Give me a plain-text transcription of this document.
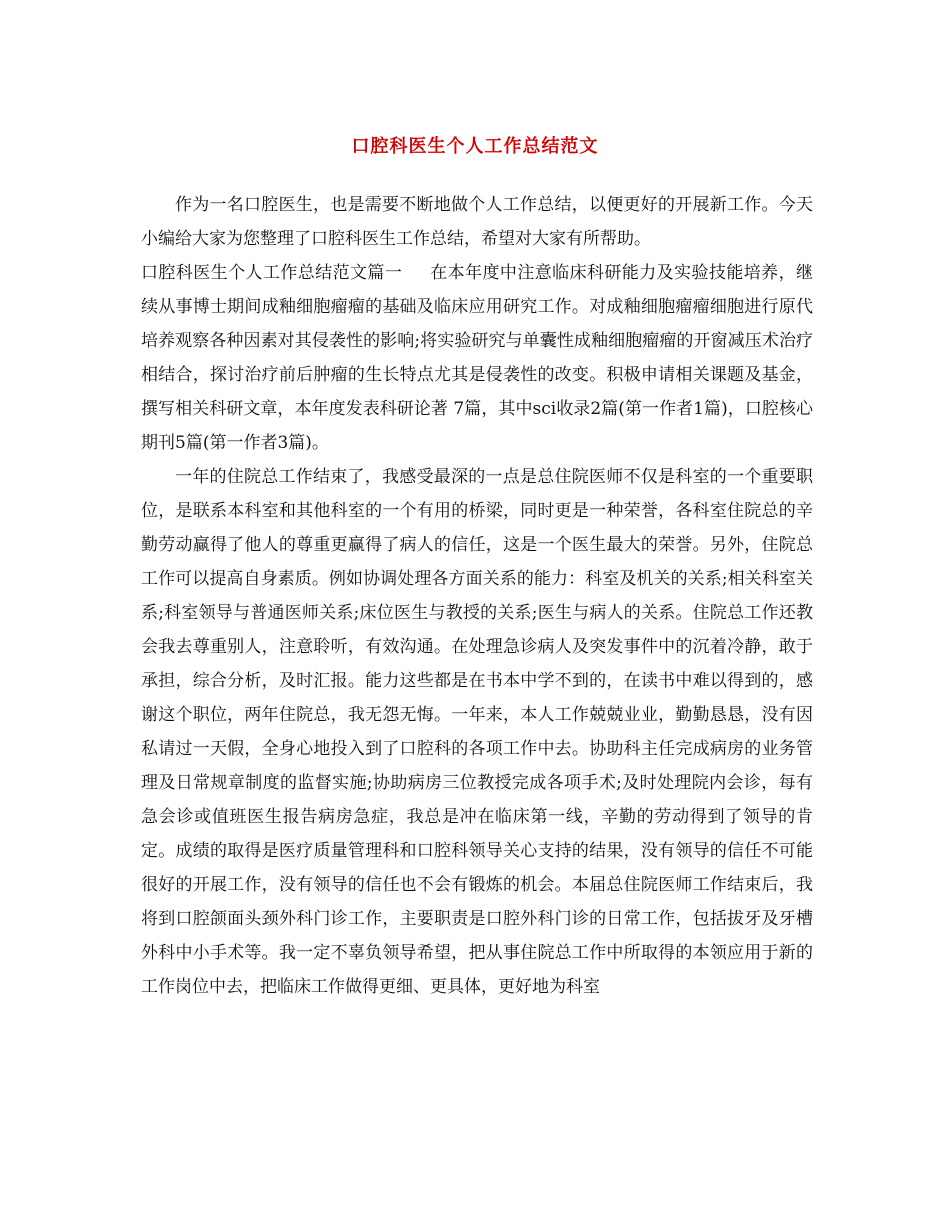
口腔科医生个人工作总结范文

作为一名口腔医生，也是需要不断地做个人工作总结，以便更好的开展新工作。今天小编给大家为您整理了口腔科医生工作总结，希望对大家有所帮助。

口腔科医生个人工作总结范文篇一 在本年度中注意临床科研能力及实验技能培养，继续从事博士期间成釉细胞瘤瘤的基础及临床应用研究工作。对成釉细胞瘤瘤细胞进行原代培养观察各种因素对其侵袭性的影响;将实验研究与单囊性成釉细胞瘤瘤的开窗减压术治疗相结合，探讨治疗前后肿瘤的生长特点尤其是侵袭性的改变。积极申请相关课题及基金，撰写相关科研文章，本年度发表科研论著 7篇，其中sci收录2篇(第一作者1篇)，口腔核心期刊5篇(第一作者3篇)。

一年的住院总工作结束了，我感受最深的一点是总住院医师不仅是科室的一个重要职位，是联系本科室和其他科室的一个有用的桥梁，同时更是一种荣誉，各科室住院总的辛勤劳动赢得了他人的尊重更赢得了病人的信任，这是一个医生最大的荣誉。另外，住院总工作可以提高自身素质。例如协调处理各方面关系的能力：科室及机关的关系;相关科室关系;科室领导与普通医师关系;床位医生与教授的关系;医生与病人的关系。住院总工作还教会我去尊重别人，注意聆听，有效沟通。在处理急诊病人及突发事件中的沉着冷静，敢于承担，综合分析，及时汇报。能力这些都是在书本中学不到的，在读书中难以得到的，感谢这个职位，两年住院总，我无怨无悔。一年来，本人工作兢兢业业，勤勤恳恳，没有因私请过一天假，全身心地投入到了口腔科的各项工作中去。协助科主任完成病房的业务管理及日常规章制度的监督实施;协助病房三位教授完成各项手术;及时处理院内会诊，每有急会诊或值班医生报告病房急症，我总是冲在临床第一线，辛勤的劳动得到了领导的肯定。成绩的取得是医疗质量管理科和口腔科领导关心支持的结果，没有领导的信任不可能很好的开展工作，没有领导的信任也不会有锻炼的机会。本届总住院医师工作结束后，我将到口腔颌面头颈外科门诊工作，主要职责是口腔外科门诊的日常工作，包括拔牙及牙槽外科中小手术等。我一定不辜负领导希望，把从事住院总工作中所取得的本领应用于新的工作岗位中去，把临床工作做得更细、更具体，更好地为科室
